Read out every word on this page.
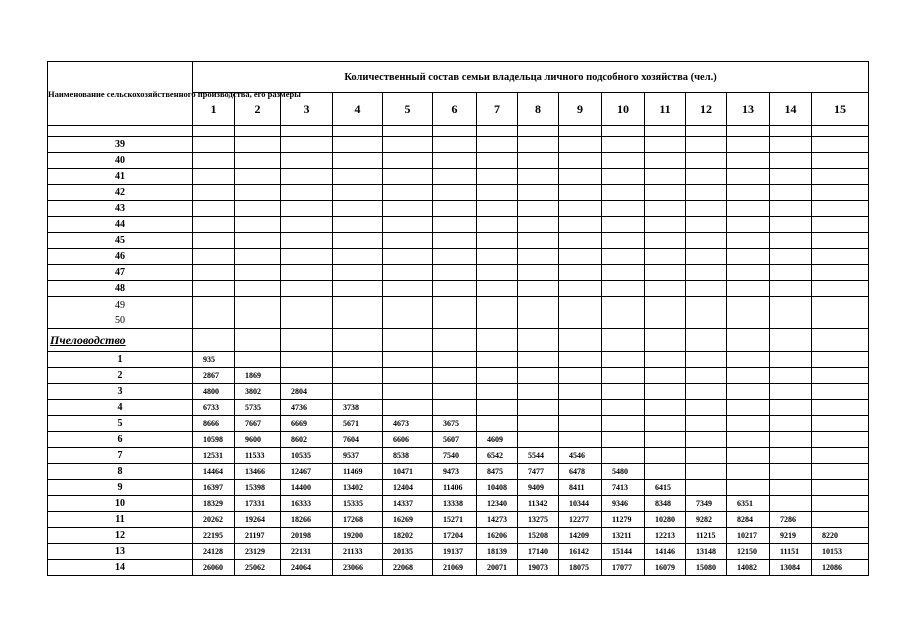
Наименование сельскохозяйственного производства, его размеры	Количественный состав семьи владельца личного подсобного хозяйства (чел.)														
	1	2	3	4	5	6	7	8	9	10	11	12	13	14	15

39															
40															
41															
42															
43															
44															
45															
46															
47															
48															

49
50															

Пчеловодство															
1	935														
2	2867	1869													
3	4800	3802	2804												
4	6733	5735	4736	3738											
5	8666	7667	6669	5671	4673	3675									
6	10598	9600	8602	7604	6606	5607	4609								
7	12531	11533	10535	9537	8538	7540	6542	5544	4546						
8	14464	13466	12467	11469	10471	9473	8475	7477	6478	5480					
9	16397	15398	14400	13402	12404	11406	10408	9409	8411	7413	6415				
10	18329	17331	16333	15335	14337	13338	12340	11342	10344	9346	8348	7349	6351		
11	20262	19264	18266	17268	16269	15271	14273	13275	12277	11279	10280	9282	8284	7286	
12	22195	21197	20198	19200	18202	17204	16206	15208	14209	13211	12213	11215	10217	9219	8220
13	24128	23129	22131	21133	20135	19137	18139	17140	16142	15144	14146	13148	12150	11151	10153
14	26060	25062	24064	23066	22068	21069	20071	19073	18075	17077	16079	15080	14082	13084	12086
